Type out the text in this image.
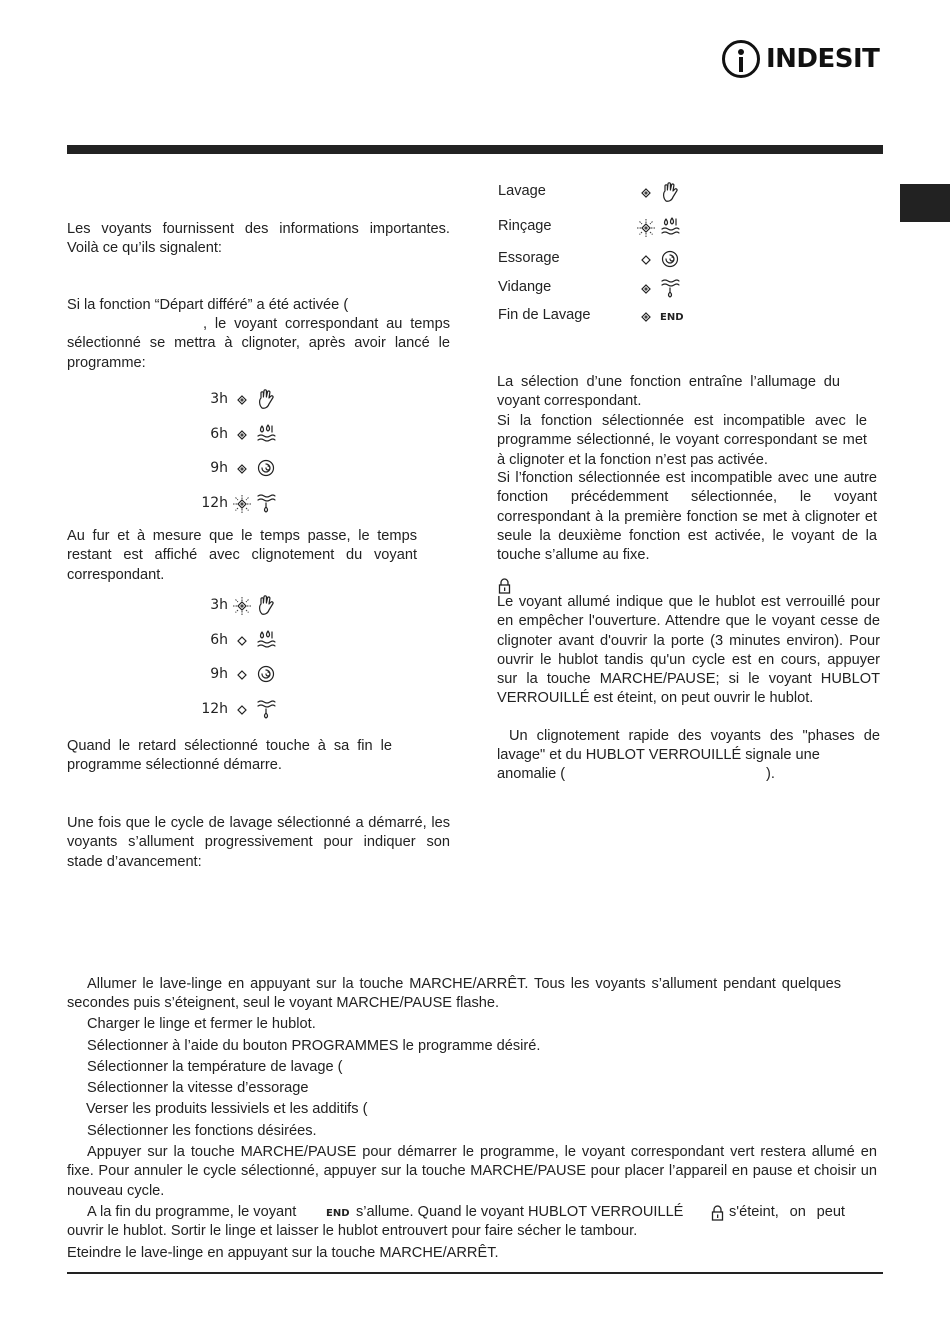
INDESIT

Les voyants fournissent des informations importantes. Voilà ce qu’ils signalent:

Si la fonction “Départ différé” a été activée (

, le voyant correspondant au temps sélectionné se mettra à clignoter, après avoir lancé le programme:

3h
6h
9h
12h

Au fur et à mesure que le temps passe, le temps restant est affiché avec clignotement du voyant correspondant.

3h
6h
9h
12h

Quand le retard sélectionné touche à sa fin le programme sélectionné démarre.

Une fois que le cycle de lavage sélectionné a démarré, les voyants s’allument progressivement pour indiquer son stade d’avancement:

Lavage
Rinçage
Essorage
Vidange
Fin de Lavage	END

La sélection d’une fonction entraîne l’allumage du voyant correspondant.

Si la fonction sélectionnée est incompatible avec le programme sélectionné, le voyant correspondant se met à clignoter et la fonction n’est pas activée.

Si l’fonction sélectionnée est incompatible avec une autre fonction précédemment sélectionnée, le voyant correspondant à la première fonction se met à clignoter et seule la deuxième fonction est activée, le voyant de la touche s’allume au fixe.

Le voyant allumé indique que le hublot est verrouillé pour en empêcher l'ouverture. Attendre que le voyant cesse de clignoter avant d'ouvrir la porte (3 minutes environ). Pour ouvrir le hublot tandis qu'un cycle est en cours, appuyer sur la touche MARCHE/PAUSE; si le voyant HUBLOT VERROUILLÉ est éteint, on peut ouvrir le hublot.

Un clignotement rapide des voyants des "phases de lavage" et du HUBLOT VERROUILLÉ signale une

anomalie (	).

Allumer le lave-linge en appuyant sur la touche MARCHE/ARRÊT. Tous les voyants s’allument pendant quelques secondes puis s’éteignent, seul le voyant MARCHE/PAUSE flashe.

Charger le linge et fermer le hublot.

Sélectionner à l’aide du bouton PROGRAMMES le programme désiré.

Sélectionner la température de lavage (

Sélectionner la vitesse d’essorage

Verser les produits lessiviels et les additifs (

Sélectionner les fonctions désirées.

Appuyer sur la touche MARCHE/PAUSE pour démarrer le programme, le voyant correspondant vert restera allumé en fixe. Pour annuler le cycle sélectionné, appuyer sur la touche MARCHE/PAUSE pour placer l’appareil en pause et choisir un nouveau cycle.

A la fin du programme, le voyant	END s’allume. Quand le voyant HUBLOT VERROUILLÉ	s'éteint, on peut ouvrir le hublot. Sortir le linge et laisser le hublot entrouvert pour faire sécher le tambour.

Eteindre le lave-linge en appuyant sur la touche MARCHE/ARRÊT.
